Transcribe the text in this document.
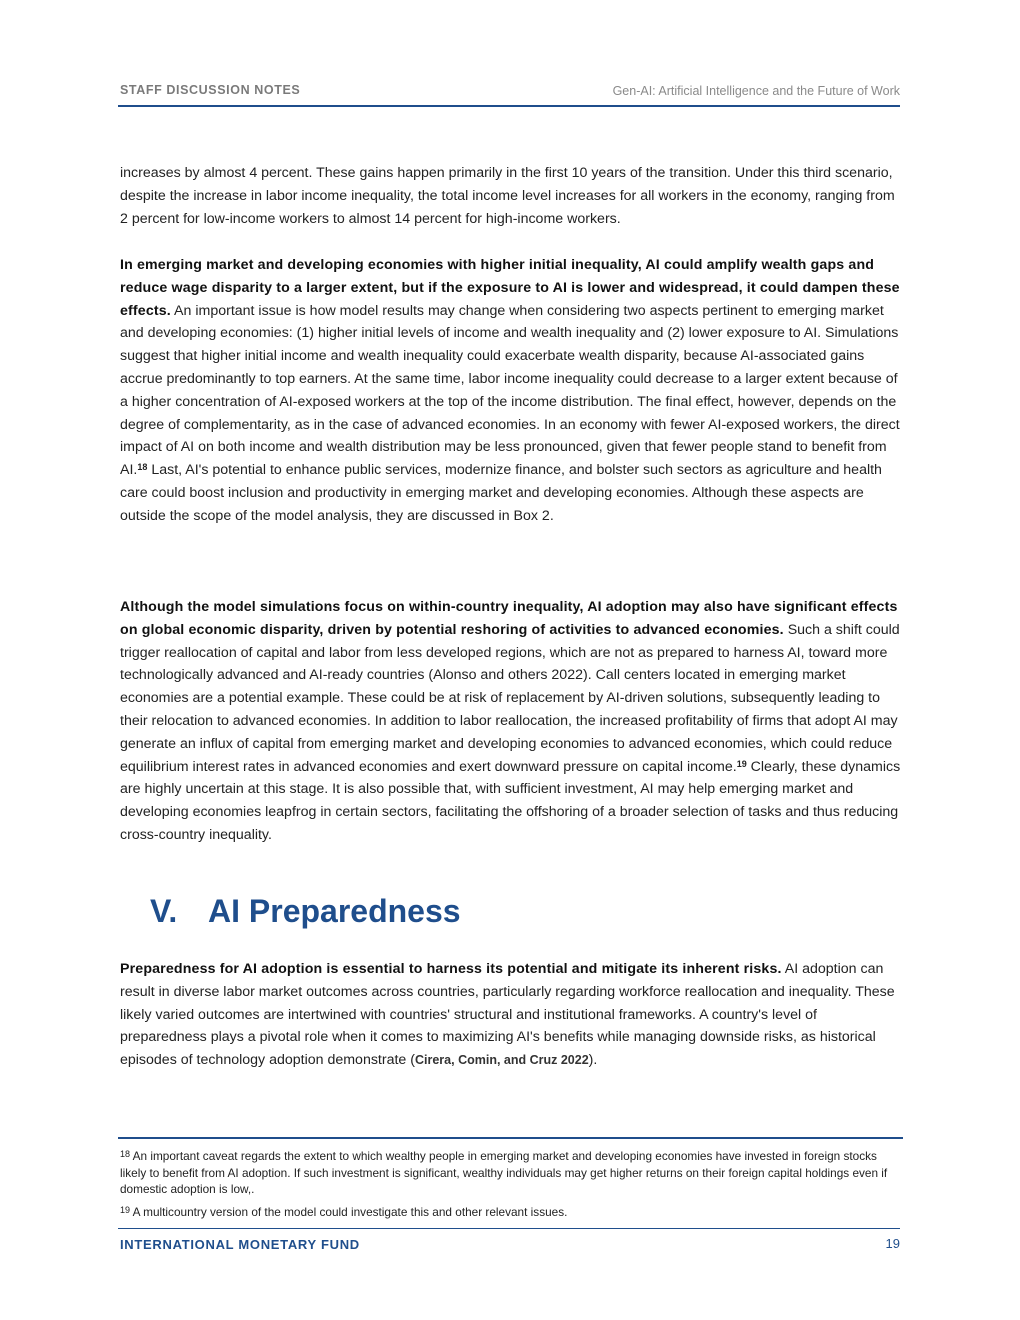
STAFF DISCUSSION NOTES	Gen-AI: Artificial Intelligence and the Future of Work
increases by almost 4 percent. These gains happen primarily in the first 10 years of the transition. Under this third scenario, despite the increase in labor income inequality, the total income level increases for all workers in the economy, ranging from 2 percent for low-income workers to almost 14 percent for high-income workers.
In emerging market and developing economies with higher initial inequality, AI could amplify wealth gaps and reduce wage disparity to a larger extent, but if the exposure to AI is lower and widespread, it could dampen these effects. An important issue is how model results may change when considering two aspects pertinent to emerging market and developing economies: (1) higher initial levels of income and wealth inequality and (2) lower exposure to AI. Simulations suggest that higher initial income and wealth inequality could exacerbate wealth disparity, because AI-associated gains accrue predominantly to top earners. At the same time, labor income inequality could decrease to a larger extent because of a higher concentration of AI-exposed workers at the top of the income distribution. The final effect, however, depends on the degree of complementarity, as in the case of advanced economies. In an economy with fewer AI-exposed workers, the direct impact of AI on both income and wealth distribution may be less pronounced, given that fewer people stand to benefit from AI.$^{18}$ Last, AI's potential to enhance public services, modernize finance, and bolster such sectors as agriculture and health care could boost inclusion and productivity in emerging market and developing economies. Although these aspects are outside the scope of the model analysis, they are discussed in Box 2.
Although the model simulations focus on within-country inequality, AI adoption may also have significant effects on global economic disparity, driven by potential reshoring of activities to advanced economies. Such a shift could trigger reallocation of capital and labor from less developed regions, which are not as prepared to harness AI, toward more technologically advanced and AI-ready countries (Alonso and others 2022). Call centers located in emerging market economies are a potential example. These could be at risk of replacement by AI-driven solutions, subsequently leading to their relocation to advanced economies. In addition to labor reallocation, the increased profitability of firms that adopt AI may generate an influx of capital from emerging market and developing economies to advanced economies, which could reduce equilibrium interest rates in advanced economies and exert downward pressure on capital income.$^{19}$ Clearly, these dynamics are highly uncertain at this stage. It is also possible that, with sufficient investment, AI may help emerging market and developing economies leapfrog in certain sectors, facilitating the offshoring of a broader selection of tasks and thus reducing cross-country inequality.
V. AI Preparedness
Preparedness for AI adoption is essential to harness its potential and mitigate its inherent risks. AI adoption can result in diverse labor market outcomes across countries, particularly regarding workforce reallocation and inequality. These likely varied outcomes are intertwined with countries' structural and institutional frameworks. A country's level of preparedness plays a pivotal role when it comes to maximizing AI's benefits while managing downside risks, as historical episodes of technology adoption demonstrate (Cirera, Comin, and Cruz 2022).
$^{18}$ An important caveat regards the extent to which wealthy people in emerging market and developing economies have invested in foreign stocks likely to benefit from AI adoption. If such investment is significant, wealthy individuals may get higher returns on their foreign capital holdings even if domestic adoption is low,.
$^{19}$ A multicountry version of the model could investigate this and other relevant issues.
INTERNATIONAL MONETARY FUND	19
